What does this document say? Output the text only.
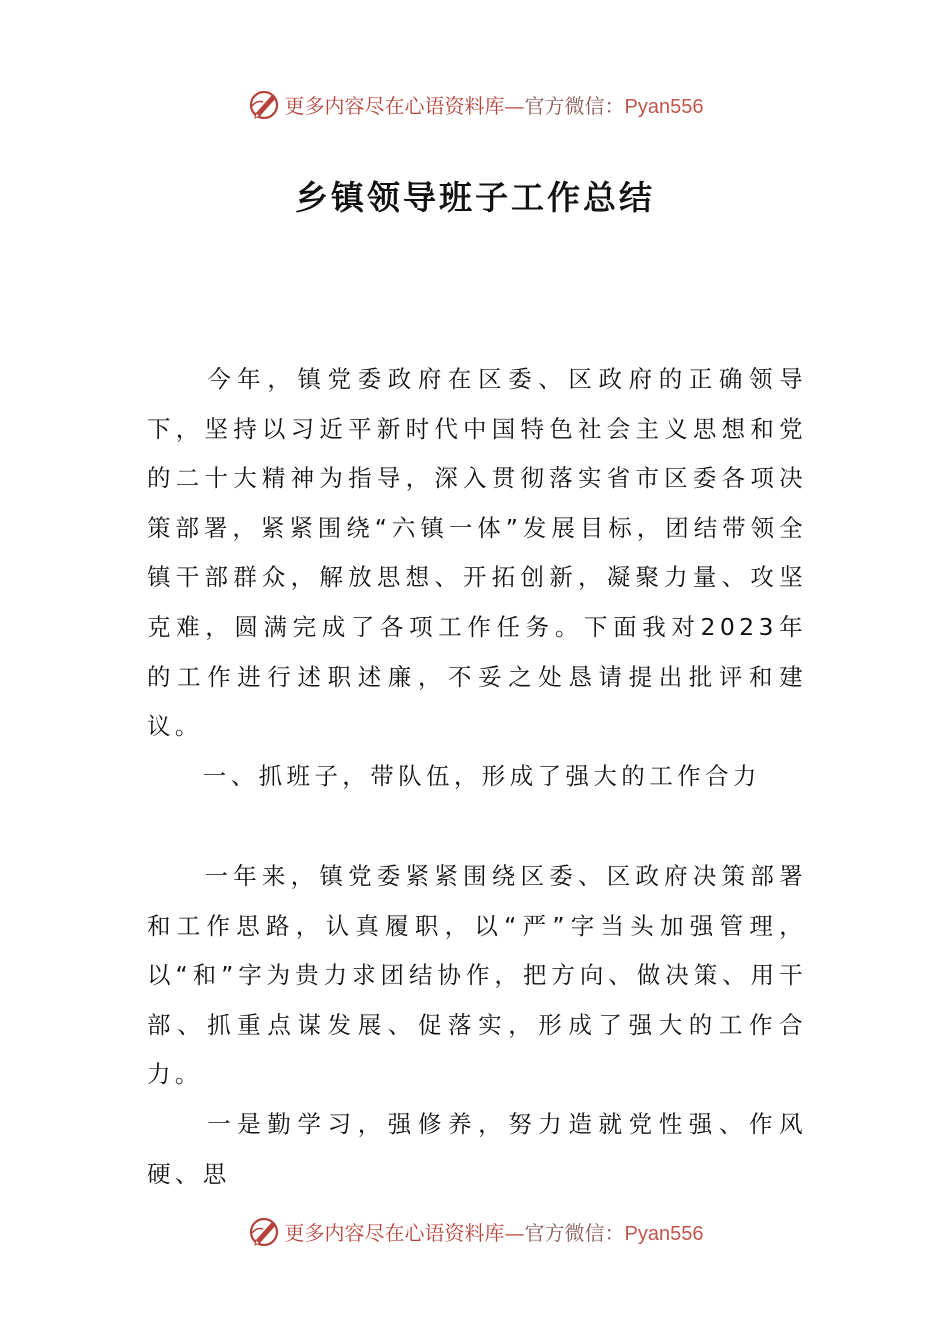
更多内容尽在心语资料库—官方微信：Pyan556
乡镇领导班子工作总结

　　今年，镇党委政府在区委、区政府的正确领导下，坚持以习近平新时代中国特色社会主义思想和党的二十大精神为指导，深入贯彻落实省市区委各项决策部署，紧紧围绕“六镇一体”发展目标，团结带领全镇干部群众，解放思想、开拓创新，凝聚力量、攻坚克难，圆满完成了各项工作任务。下面我对2023年的工作进行述职述廉，不妥之处恳请提出批评和建议。

　　一、抓班子，带队伍，形成了强大的工作合力

　　一年来，镇党委紧紧围绕区委、区政府决策部署和工作思路，认真履职，以“严”字当头加强管理，以“和”字为贵力求团结协作，把方向、做决策、用干部、抓重点谋发展、促落实，形成了强大的工作合力。

　　一是勤学习，强修养，努力造就党性强、作风硬、思

更多内容尽在心语资料库—官方微信：Pyan556
